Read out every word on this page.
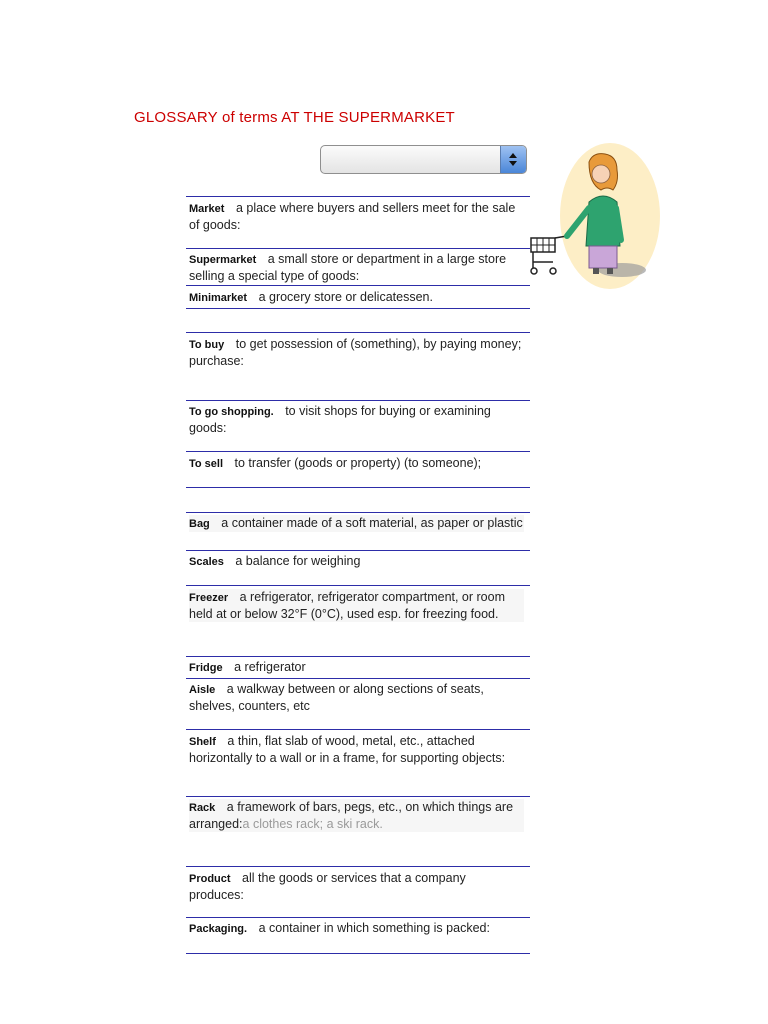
GLOSSARY of terms AT THE SUPERMARKET
Market a place where buyers and sellers meet for the sale of goods:
Supermarket a small store or department in a large store selling a special type of goods:
Minimarket a grocery store or delicatessen.
To buy to get possession of (something), by paying money;
purchase:
To go shopping. to visit shops for buying or examining goods:
To sell to transfer (goods or property) (to someone);
Bag a container made of a soft material, as paper or plastic
Scales a balance for weighing
Freezer a refrigerator, refrigerator compartment, or room held at or below 32°F (0°C), used esp. for freezing food.
Fridge a refrigerator
Aisle a walkway between or along sections of seats, shelves, counters, etc
Shelf a thin, flat slab of wood, metal, etc., attached horizontally to a wall or in a frame, for supporting objects:
Rack a framework of bars, pegs, etc., on which things are arranged:a clothes rack; a ski rack.
Product all the goods or services that a company produces:
Packaging. a container in which something is packed:
